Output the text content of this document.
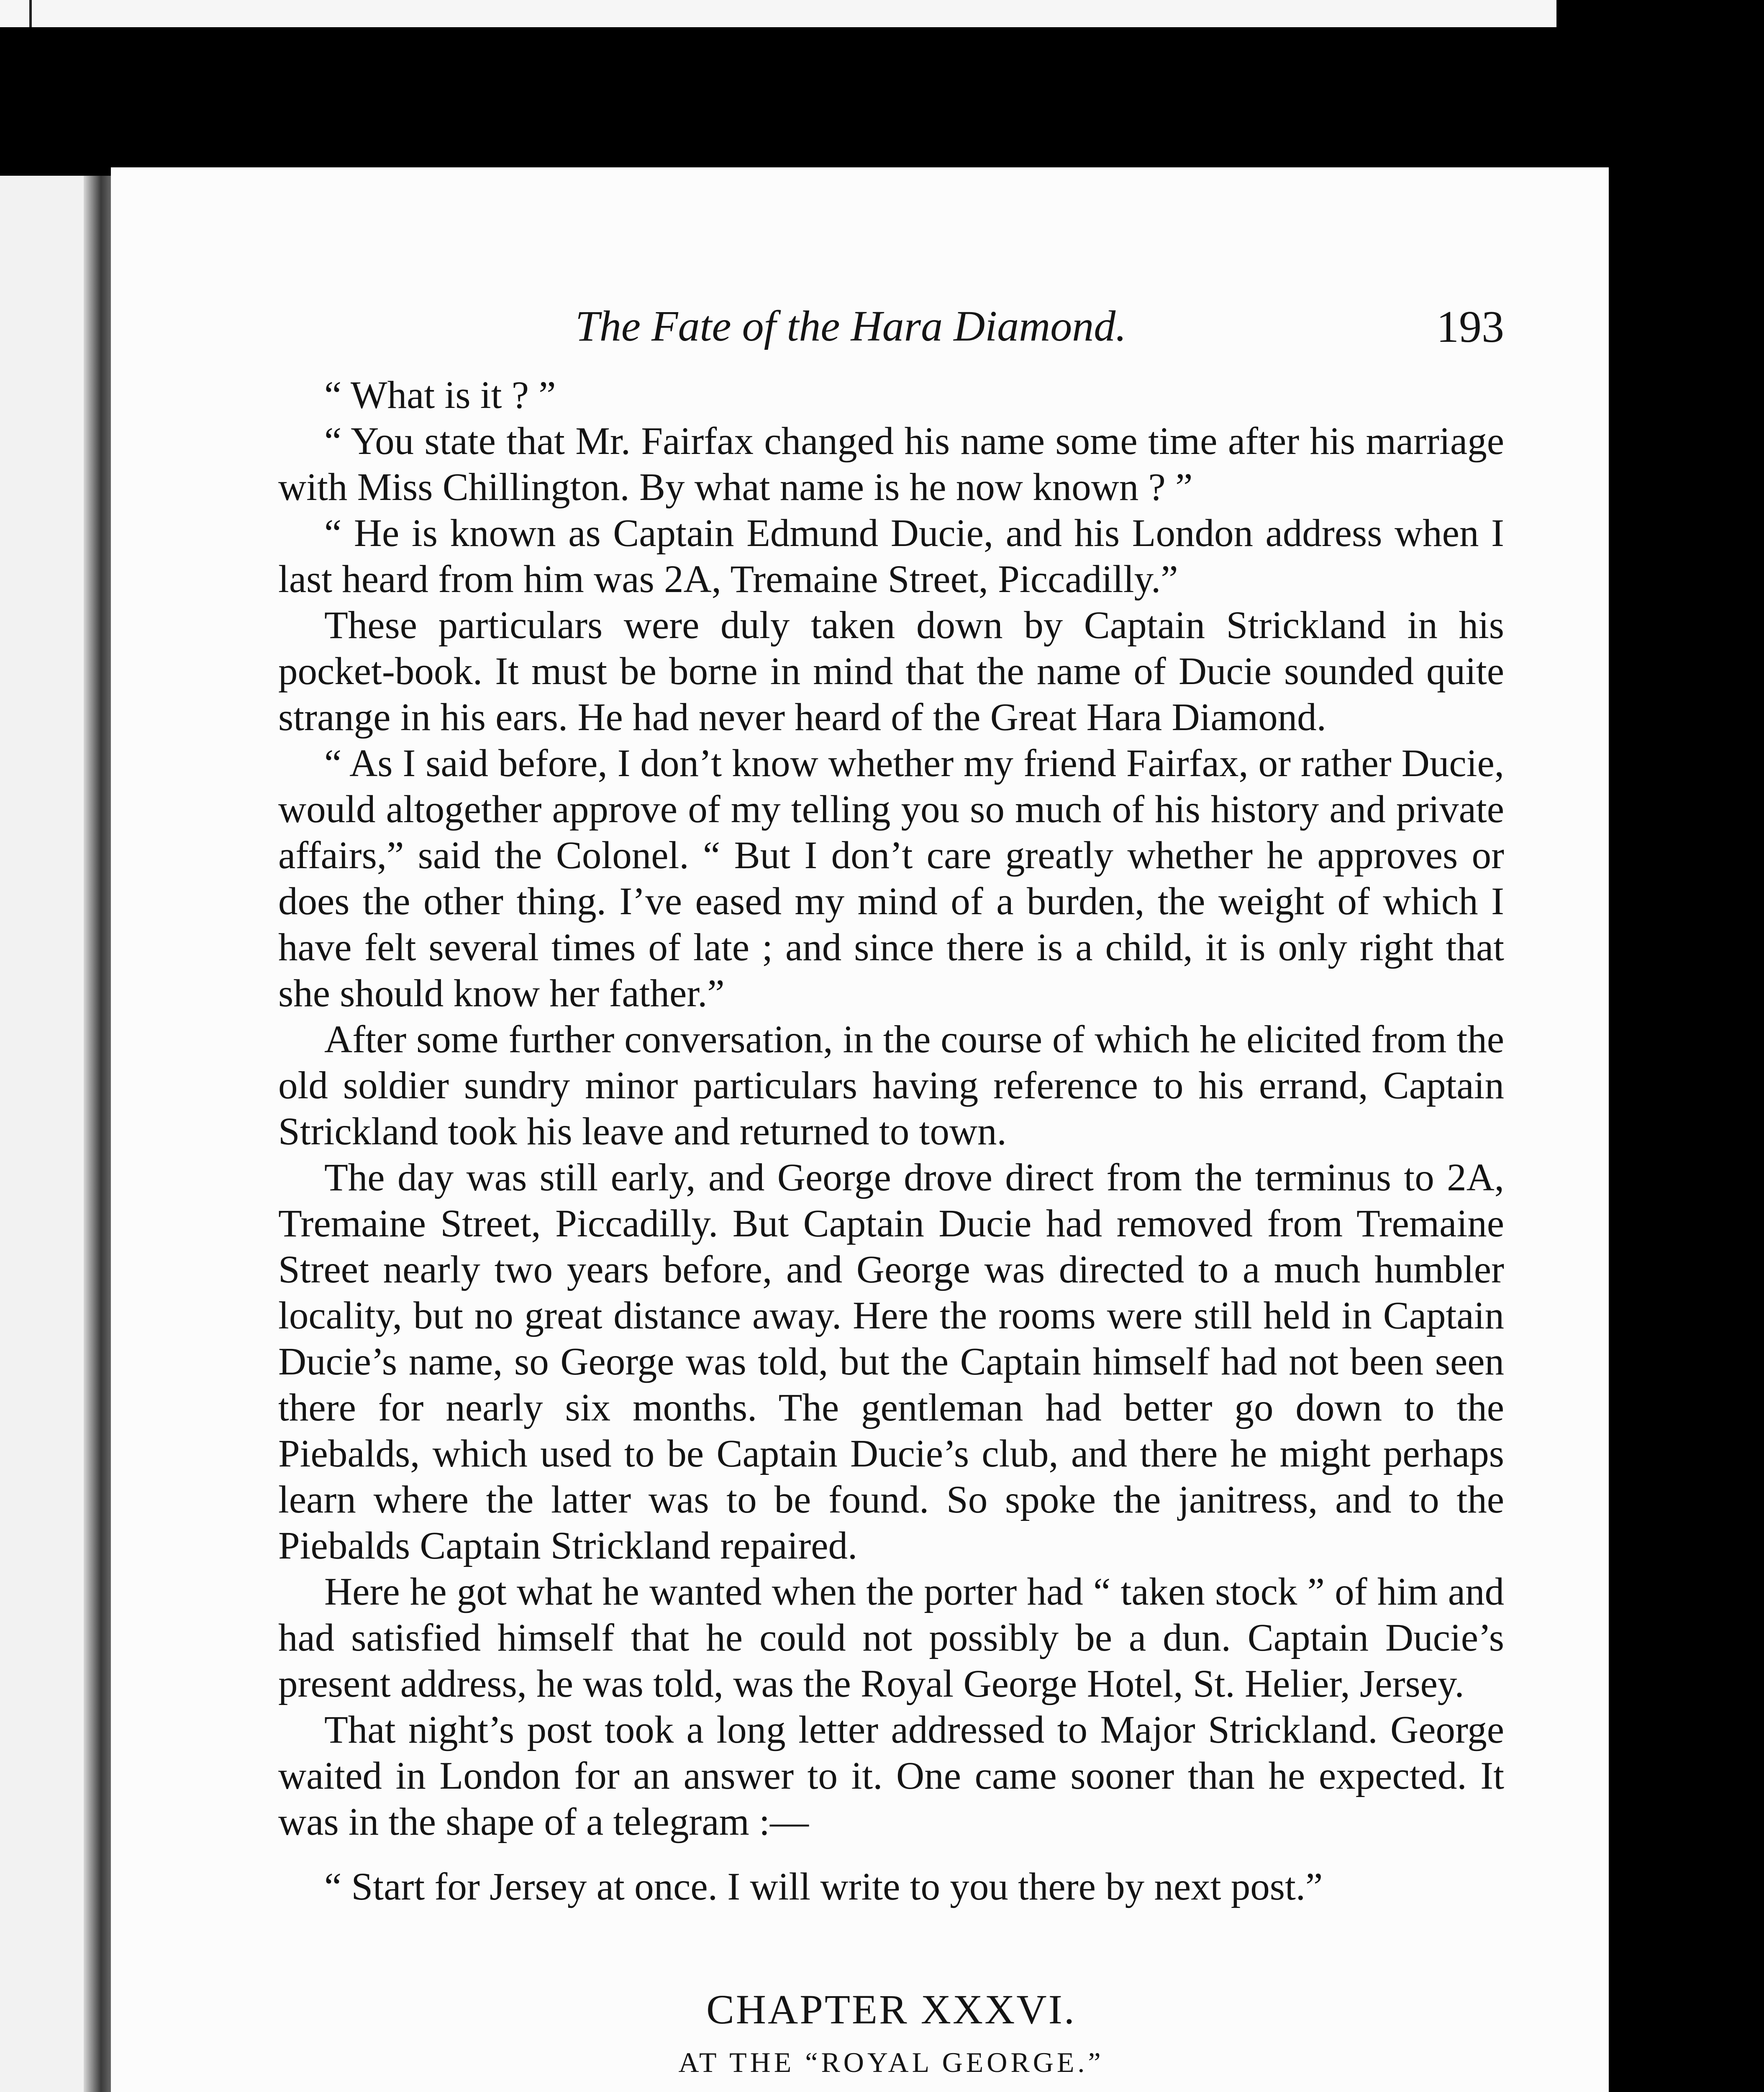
The Fate of the Hara Diamond.	193

“ What is it ? ”

“ You state that Mr. Fairfax changed his name some time after his marriage with Miss Chillington. By what name is he now known ? ”

“ He is known as Captain Edmund Ducie, and his London address when I last heard from him was 2A, Tremaine Street, Piccadilly.”

These particulars were duly taken down by Captain Strickland in his pocket-book. It must be borne in mind that the name of Ducie sounded quite strange in his ears. He had never heard of the Great Hara Diamond.

“ As I said before, I don’t know whether my friend Fairfax, or rather Ducie, would altogether approve of my telling you so much of his history and private affairs,” said the Colonel. “ But I don’t care greatly whether he approves or does the other thing. I’ve eased my mind of a burden, the weight of which I have felt several times of late ; and since there is a child, it is only right that she should know her father.”

After some further conversation, in the course of which he elicited from the old soldier sundry minor particulars having reference to his errand, Captain Strickland took his leave and returned to town.

The day was still early, and George drove direct from the terminus to 2A, Tremaine Street, Piccadilly. But Captain Ducie had removed from Tremaine Street nearly two years before, and George was directed to a much humbler locality, but no great distance away. Here the rooms were still held in Captain Ducie’s name, so George was told, but the Captain himself had not been seen there for nearly six months. The gentleman had better go down to the Piebalds, which used to be Captain Ducie’s club, and there he might perhaps learn where the latter was to be found. So spoke the janitress, and to the Piebalds Captain Strickland repaired.

Here he got what he wanted when the porter had “ taken stock ” of him and had satisfied himself that he could not possibly be a dun. Captain Ducie’s present address, he was told, was the Royal George Hotel, St. Helier, Jersey.

That night’s post took a long letter addressed to Major Strickland. George waited in London for an answer to it. One came sooner than he expected. It was in the shape of a telegram :—

“ Start for Jersey at once. I will write to you there by next post.”

CHAPTER XXXVI.
AT THE “ROYAL GEORGE.”
